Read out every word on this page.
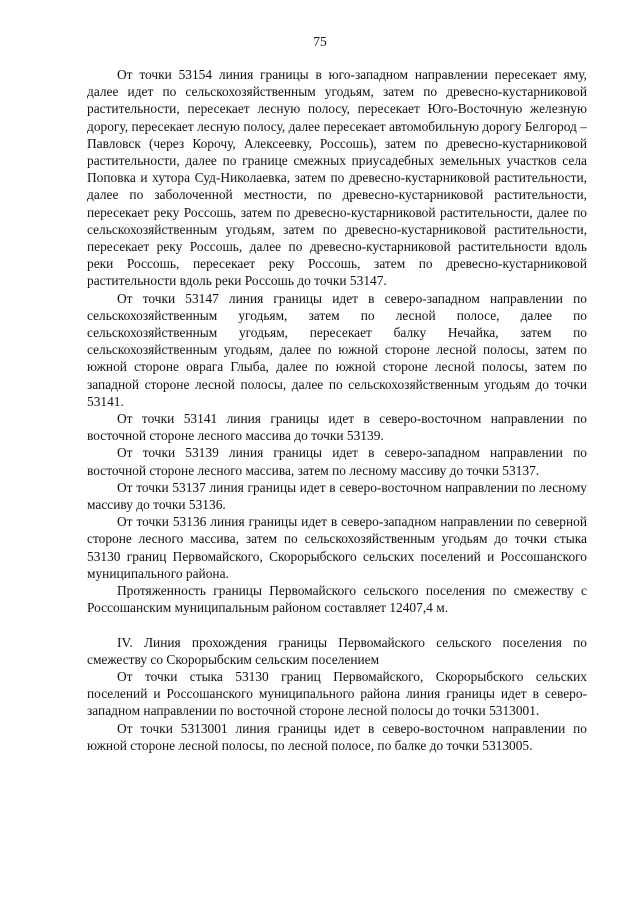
75

От точки 53154 линия границы в юго-западном направлении пересекает яму, далее идет по сельскохозяйственным угодьям, затем по древесно-кустарниковой растительности, пересекает лесную полосу, пересекает Юго-Восточную железную дорогу, пересекает лесную полосу, далее пересекает автомобильную дорогу Белгород – Павловск (через Корочу, Алексеевку, Россошь), затем по древесно-кустарниковой растительности, далее по границе смежных приусадебных земельных участков села Поповка и хутора Суд-Николаевка, затем по древесно-кустарниковой растительности, далее по заболоченной местности, по древесно-кустарниковой растительности, пересекает реку Россошь, затем по древесно-кустарниковой растительности, далее по сельскохозяйственным угодьям, затем по древесно-кустарниковой растительности, пересекает реку Россошь, далее по древесно-кустарниковой растительности вдоль реки Россошь, пересекает реку Россошь, затем по древесно-кустарниковой растительности вдоль реки Россошь до точки 53147.

От точки 53147 линия границы идет в северо-западном направлении по сельскохозяйственным угодьям, затем по лесной полосе, далее по сельскохозяйственным угодьям, пересекает балку Нечайка, затем по сельскохозяйственным угодьям, далее по южной стороне лесной полосы, затем по южной стороне оврага Глыба, далее по южной стороне лесной полосы, затем по западной стороне лесной полосы, далее по сельскохозяйственным угодьям до точки 53141.

От точки 53141 линия границы идет в северо-восточном направлении по восточной стороне лесного массива до точки 53139.

От точки 53139 линия границы идет в северо-западном направлении по восточной стороне лесного массива, затем по лесному массиву до точки 53137.

От точки 53137 линия границы идет в северо-восточном направлении по лесному массиву до точки 53136.

От точки 53136 линия границы идет в северо-западном направлении по северной стороне лесного массива, затем по сельскохозяйственным угодьям до точки стыка 53130 границ Первомайского, Скорорыбского сельских поселений и Россошанского муниципального района.

Протяженность границы Первомайского сельского поселения по смежеству с Россошанским муниципальным районом составляет 12407,4 м.

IV. Линия прохождения границы Первомайского сельского поселения по смежеству со Скорорыбским сельским поселением

От точки стыка 53130 границ Первомайского, Скорорыбского сельских поселений и Россошанского муниципального района линия границы идет в северо-западном направлении по восточной стороне лесной полосы до точки 5313001.

От точки 5313001 линия границы идет в северо-восточном направлении по южной стороне лесной полосы, по лесной полосе, по балке до точки 5313005.
